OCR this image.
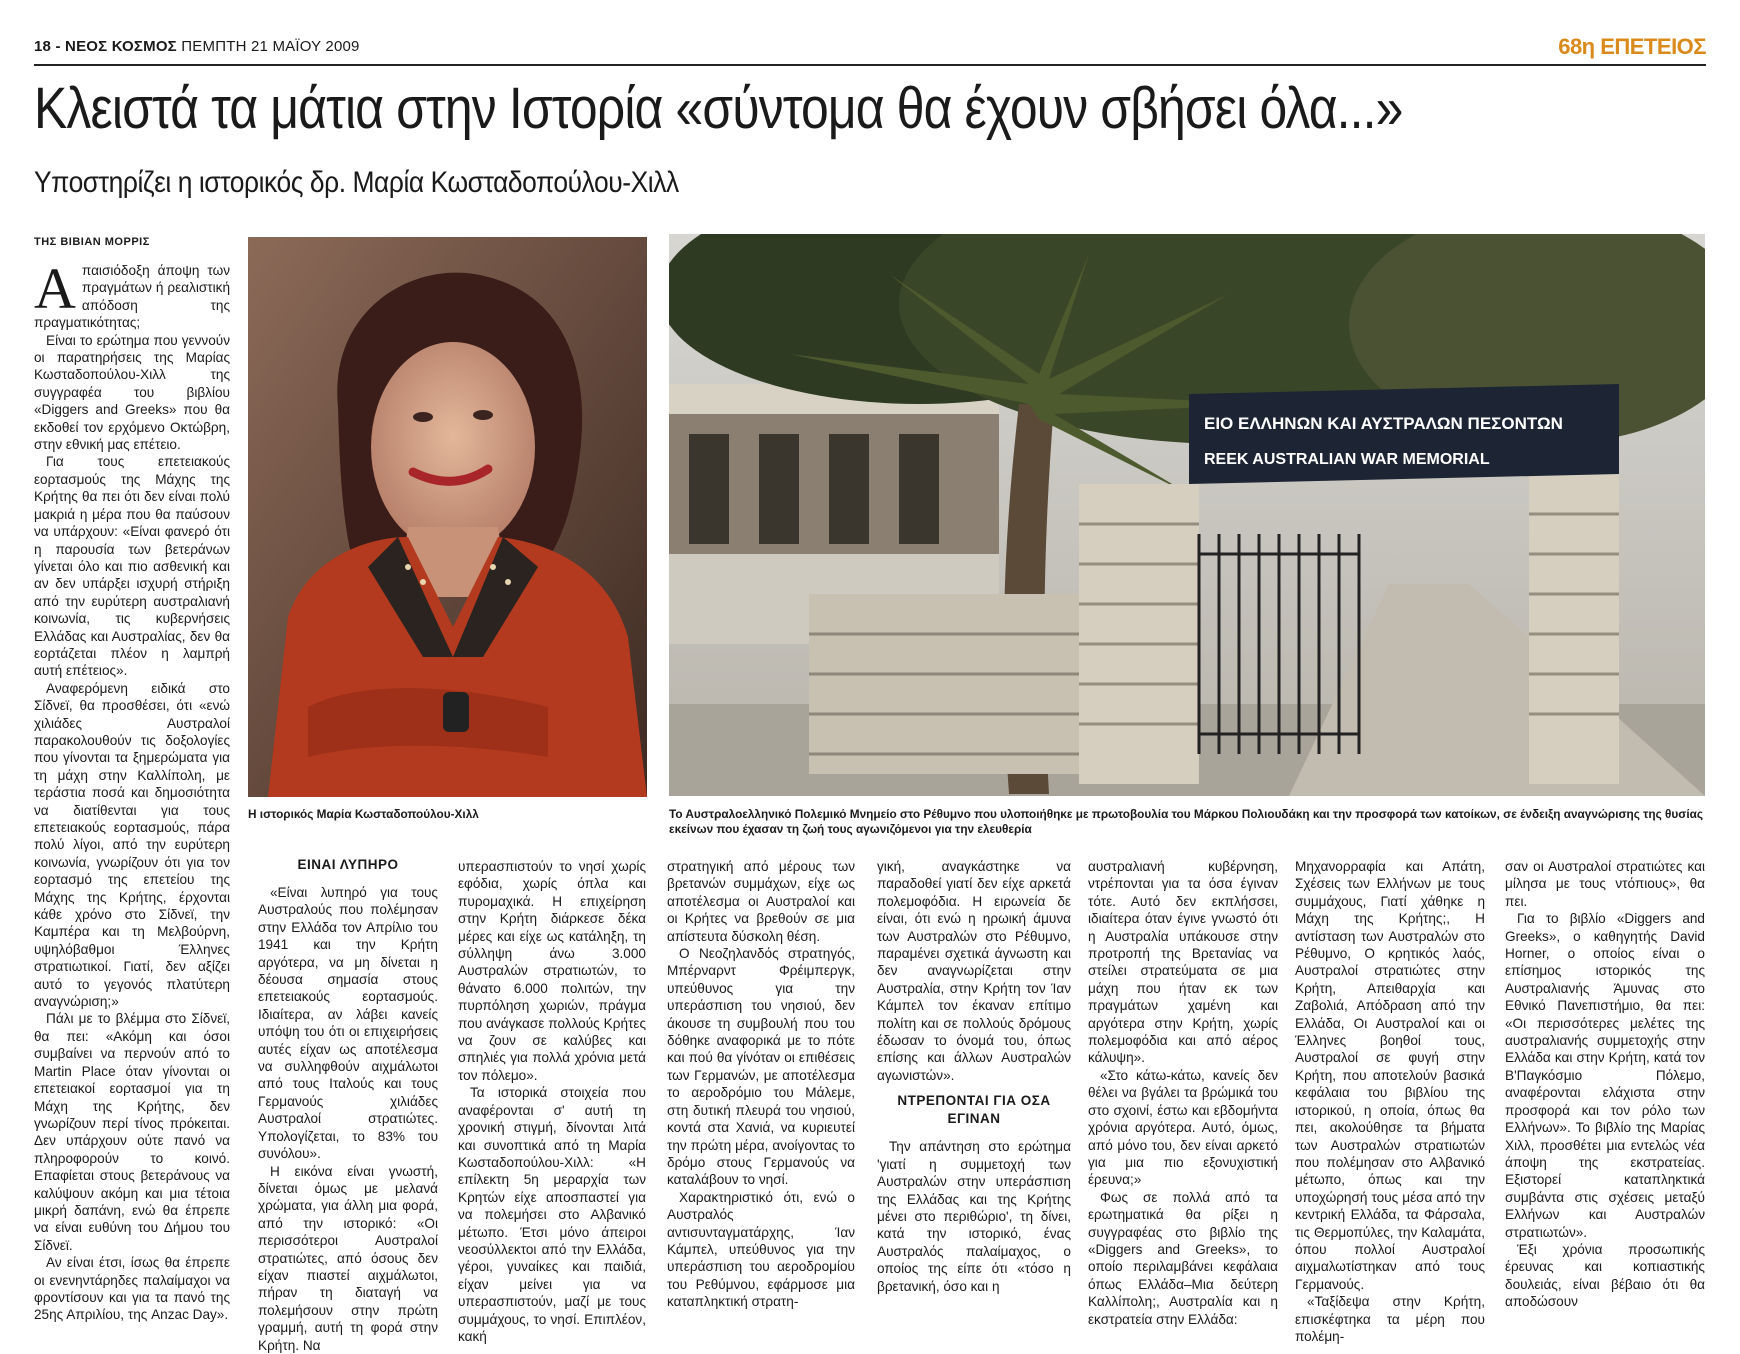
18 - ΝΕΟΣ ΚΟΣΜΟΣ ΠΕΜΠΤΗ 21 ΜΑΪΟΥ 2009	68η ΕΠΕΤΕΙΟΣ
Κλειστά τα μάτια στην Ιστορία «σύντομα θα έχουν σβήσει όλα...»
Υποστηρίζει η ιστορικός δρ. Μαρία Κωσταδοπούλου-Χιλλ
ΤΗΣ ΒΙΒΙΑΝ ΜΟΡΡΙΣ
Η ιστορικός Μαρία Κωσταδοπούλου-Χιλλ
ΕΙΟ ΕΛΛΗΝΩΝ ΚΑΙ ΑΥΣΤΡΑΛΩΝ ΠΕΣΟΝΤΩΝ
REEK AUSTRALIAN WAR MEMORIAL
Το Αυστραλοελληνικό Πολεμικό Μνημείο στο Ρέθυμνο που υλοποιήθηκε με πρωτοβουλία του Μάρκου Πολιουδάκη και την προσφορά των κατοίκων, σε ένδειξη αναγνώρισης της θυσίας εκείνων που έχασαν τη ζωή τους αγωνιζόμενοι για την ελευθερία

Απαισιόδοξη άποψη των πραγμάτων ή ρεαλιστική απόδοση της πραγματικότητας;

Είναι το ερώτημα που γεννούν οι παρατηρήσεις της Μαρίας Κωσταδοπούλου-Χιλλ της συγγραφέα του βιβλίου «Diggers and Greeks» που θα εκδοθεί τον ερχόμενο Οκτώβρη, στην εθνική μας επέτειο.

Για τους επετειακούς εορτασμούς της Μάχης της Κρήτης θα πει ότι δεν είναι πολύ μακριά η μέρα που θα παύσουν να υπάρχουν: «Είναι φανερό ότι η παρουσία των βετεράνων γίνεται όλο και πιο ασθενική και αν δεν υπάρξει ισχυρή στήριξη από την ευρύτερη αυστραλιανή κοινωνία, τις κυβερνήσεις Ελλάδας και Αυστραλίας, δεν θα εορτάζεται πλέον η λαμπρή αυτή επέτειος».

Αναφερόμενη ειδικά στο Σίδνεϊ, θα προσθέσει, ότι «ενώ χιλιάδες Αυστραλοί παρακολουθούν τις δοξολογίες που γίνονται τα ξημερώματα για τη μάχη στην Καλλίπολη, με τεράστια ποσά και δημοσιότητα να διατίθενται για τους επετειακούς εορτασμούς, πάρα πολύ λίγοι, από την ευρύτερη κοινωνία, γνωρίζουν ότι για τον εορτασμό της επετείου της Μάχης της Κρήτης, έρχονται κάθε χρόνο στο Σίδνεϊ, την Καμπέρα και τη Μελβούρνη, υψηλόβαθμοι Έλληνες στρατιωτικοί. Γιατί, δεν αξίζει αυτό το γεγονός πλατύτερη αναγνώριση;»

Πάλι με το βλέμμα στο Σίδνεϊ, θα πει: «Ακόμη και όσοι συμβαίνει να περνούν από το Martin Place όταν γίνονται οι επετειακοί εορτασμοί για τη Μάχη της Κρήτης, δεν γνωρίζουν περί τίνος πρόκειται. Δεν υπάρχουν ούτε πανό να πληροφορούν το κοινό. Επαφίεται στους βετεράνους να καλύψουν ακόμη και μια τέτοια μικρή δαπάνη, ενώ θα έπρεπε να είναι ευθύνη του Δήμου του Σίδνεϊ.

Αν είναι έτσι, ίσως θα έπρεπε οι ενενηντάρηδες παλαίμαχοι να φροντίσουν και για τα πανό της 25ης Απριλίου, της Anzac Day».

ΕΙΝΑΙ ΛΥΠΗΡΟ

«Είναι λυπηρό για τους Αυστραλούς που πολέμησαν στην Ελλάδα τον Απρίλιο του 1941 και την Κρήτη αργότερα, να μη δίνεται η δέουσα σημασία στους επετειακούς εορτασμούς. Ιδιαίτερα, αν λάβει κανείς υπόψη του ότι οι επιχειρήσεις αυτές είχαν ως αποτέλεσμα να συλληφθούν αιχμάλωτοι από τους Ιταλούς και τους Γερμανούς χιλιάδες Αυστραλοί στρατιώτες. Υπολογίζεται, το 83% του συνόλου».

Η εικόνα είναι γνωστή, δίνεται όμως με μελανά χρώματα, για άλλη μια φορά, από την ιστορικό: «Οι περισσότεροι Αυστραλοί στρατιώτες, από όσους δεν είχαν πιαστεί αιχμάλωτοι, πήραν τη διαταγή να πολεμήσουν στην πρώτη γραμμή, αυτή τη φορά στην Κρήτη. Να

υπερασπιστούν το νησί χωρίς εφόδια, χωρίς όπλα και πυρομαχικά. Η επιχείρηση στην Κρήτη διάρκεσε δέκα μέρες και είχε ως κατάληξη, τη σύλληψη άνω 3.000 Αυστραλών στρατιωτών, το θάνατο 6.000 πολιτών, την πυρπόληση χωριών, πράγμα που ανάγκασε πολλούς Κρήτες να ζουν σε καλύβες και σπηλιές για πολλά χρόνια μετά τον πόλεμο».

Τα ιστορικά στοιχεία που αναφέρονται σ' αυτή τη χρονική στιγμή, δίνονται λιτά και συνοπτικά από τη Μαρία Κωσταδοπούλου-Χιλλ: «Η επίλεκτη 5η μεραρχία των Κρητών είχε αποσπαστεί για να πολεμήσει στο Αλβανικό μέτωπο. Έτσι μόνο άπειροι νεοσύλλεκτοι από την Ελλάδα, γέροι, γυναίκες και παιδιά, είχαν μείνει για να υπερασπιστούν, μαζί με τους συμμάχους, το νησί. Επιπλέον, κακή

στρατηγική από μέρους των βρετανών συμμάχων, είχε ως αποτέλεσμα οι Αυστραλοί και οι Κρήτες να βρεθούν σε μια απίστευτα δύσκολη θέση.

Ο Νεοζηλανδός στρατηγός, Μπέρναρντ Φρέιμπεργκ, υπεύθυνος για την υπεράσπιση του νησιού, δεν άκουσε τη συμβουλή που του δόθηκε αναφορικά με το πότε και πού θα γίνόταν οι επιθέσεις των Γερμανών, με αποτέλεσμα το αεροδρόμιο του Μάλεμε, στη δυτική πλευρά του νησιού, κοντά στα Χανιά, να κυριευτεί την πρώτη μέρα, ανοίγοντας το δρόμο στους Γερμανούς να καταλάβουν το νησί.

Χαρακτηριστικό ότι, ενώ ο Αυστραλός αντισυνταγματάρχης, Ίαν Κάμπελ, υπεύθυνος για την υπεράσπιση του αεροδρομίου του Ρεθύμνου, εφάρμοσε μια καταπληκτική στρατη-

γική, αναγκάστηκε να παραδοθεί γιατί δεν είχε αρκετά πολεμοφόδια. Η ειρωνεία δε είναι, ότι ενώ η ηρωική άμυνα των Αυστραλών στο Ρέθυμνο, παραμένει σχετικά άγνωστη και δεν αναγνωρίζεται στην Αυστραλία, στην Κρήτη τον Ίαν Κάμπελ τον έκαναν επίτιμο πολίτη και σε πολλούς δρόμους έδωσαν το όνομά του, όπως επίσης και άλλων Αυστραλών αγωνιστών».

ΝΤΡΕΠΟΝΤΑΙ ΓΙΑ ΟΣΑ ΕΓΙΝΑΝ

Την απάντηση στο ερώτημα 'γιατί η συμμετοχή των Αυστραλών στην υπεράσπιση της Ελλάδας και της Κρήτης μένει στο περιθώριο', τη δίνει, κατά την ιστορικό, ένας Αυστραλός παλαίμαχος, ο οποίος της είπε ότι «τόσο η βρετανική, όσο και η

αυστραλιανή κυβέρνηση, ντρέπονται για τα όσα έγιναν τότε. Αυτό δεν εκπλήσσει, ιδιαίτερα όταν έγινε γνωστό ότι η Αυστραλία υπάκουσε στην προτροπή της Βρετανίας να στείλει στρατεύματα σε μια μάχη που ήταν εκ των πραγμάτων χαμένη και αργότερα στην Κρήτη, χωρίς πολεμοφόδια και από αέρος κάλυψη».

«Στο κάτω-κάτω, κανείς δεν θέλει να βγάλει τα βρώμικά του στο σχοινί, έστω και εβδομήντα χρόνια αργότερα. Αυτό, όμως, από μόνο του, δεν είναι αρκετό για μια πιο εξονυχιστική έρευνα;»

Φως σε πολλά από τα ερωτηματικά θα ρίξει η συγγραφέας στο βιβλίο της «Diggers and Greeks», το οποίο περιλαμβάνει κεφάλαια όπως Ελλάδα–Μια δεύτερη Καλλίπολη;, Αυστραλία και η εκστρατεία στην Ελλάδα:

Μηχανορραφία και Απάτη, Σχέσεις των Ελλήνων με τους συμμάχους, Γιατί χάθηκε η Μάχη της Κρήτης;, Η αντίσταση των Αυστραλών στο Ρέθυμνο, Ο κρητικός λαός, Αυστραλοί στρατιώτες στην Κρήτη, Απειθαρχία και Ζαβολιά, Απόδραση από την Ελλάδα, Οι Αυστραλοί και οι Έλληνες βοηθοί τους, Αυστραλοί σε φυγή στην Κρήτη, που αποτελούν βασικά κεφάλαια του βιβλίου της ιστορικού, η οποία, όπως θα πει, ακολούθησε τα βήματα των Αυστραλών στρατιωτών που πολέμησαν στο Αλβανικό μέτωπο, όπως και την υποχώρησή τους μέσα από την κεντρική Ελλάδα, τα Φάρσαλα, τις Θερμοπύλες, την Καλαμάτα, όπου πολλοί Αυστραλοί αιχμαλωτίστηκαν από τους Γερμανούς.

«Ταξίδεψα στην Κρήτη, επισκέφτηκα τα μέρη που πολέμη-

σαν οι Αυστραλοί στρατιώτες και μίλησα με τους ντόπιους», θα πει.

Για το βιβλίο «Diggers and Greeks», ο καθηγητής David Horner, ο οποίος είναι ο επίσημος ιστορικός της Αυστραλιανής Άμυνας στο Εθνικό Πανεπιστήμιο, θα πει: «Οι περισσότερες μελέτες της αυστραλιανής συμμετοχής στην Ελλάδα και στην Κρήτη, κατά τον Β'Παγκόσμιο Πόλεμο, αναφέρονται ελάχιστα στην προσφορά και τον ρόλο των Ελλήνων». Το βιβλίο της Μαρίας Χιλλ, προσθέτει μια εντελώς νέα άποψη της εκστρατείας. Εξιστορεί καταπληκτικά συμβάντα στις σχέσεις μεταξύ Ελλήνων και Αυστραλών στρατιωτών».

Έξι χρόνια προσωπικής έρευνας και κοπιαστικής δουλειάς, είναι βέβαιο ότι θα αποδώσουν
